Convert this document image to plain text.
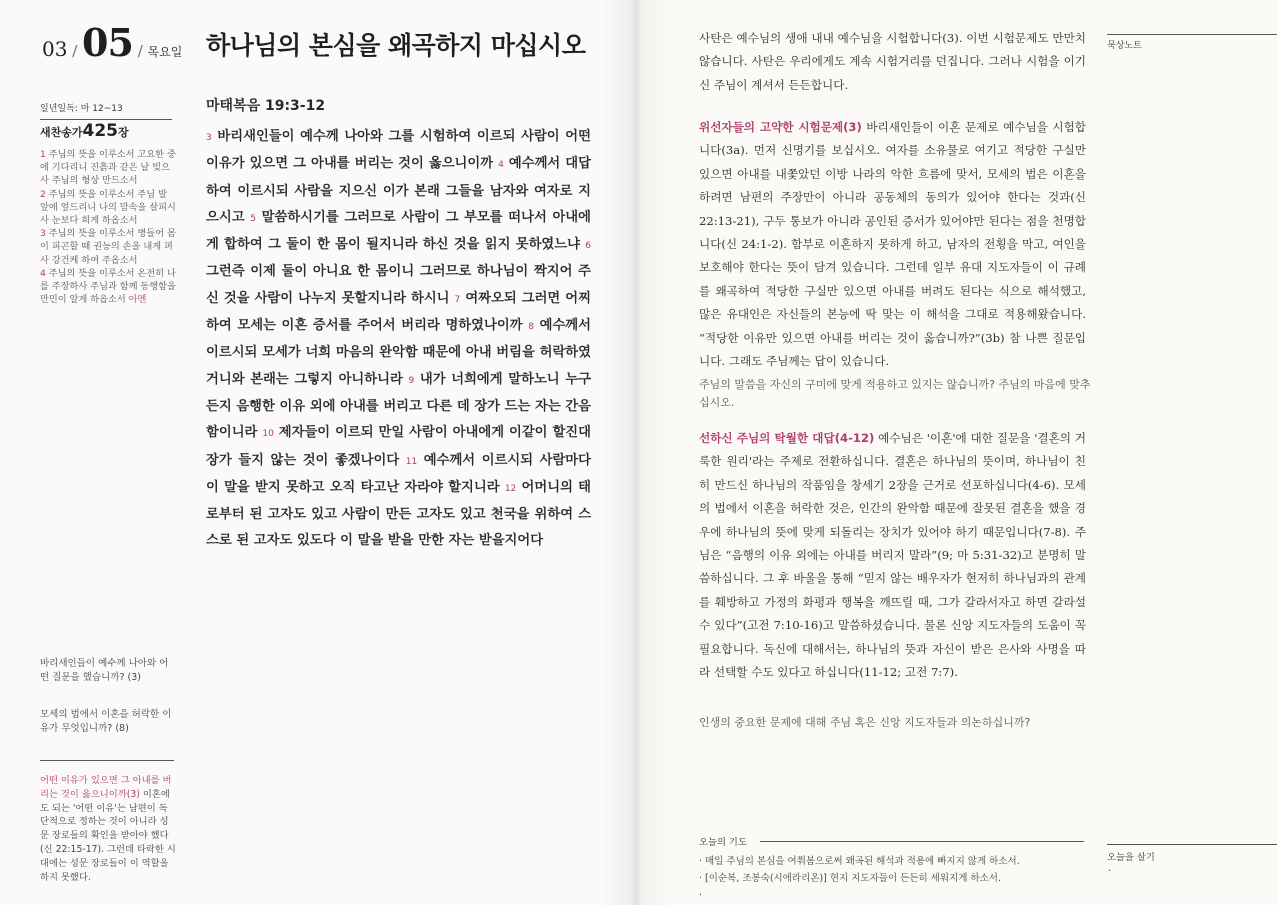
03 / 05 / 목요일
일년일독: 마 12~13
새찬송가425장
1 주님의 뜻을 이루소서 고요한 중에 기다리니 진흙과 같은 날 빚으사 주님의 형상 만드소서
2 주님의 뜻을 이루소서 주님 발 앞에 엎드리니 나의 맘속을 살피시사 눈보다 희게 하옵소서
3 주님의 뜻을 이루소서 병들어 몸이 피곤할 때 권능의 손을 내게 펴 사 강건케 하여 주옵소서
4 주님의 뜻을 이루소서 온전히 나를 주장하사 주님과 함께 동행함을 만민이 알게 하옵소서 아멘
바리새인들이 예수께 나아와 어떤 질문을 했습니까? (3)
모세의 법에서 이혼을 허락한 이유가 무엇입니까? (8)
어떤 이유가 있으면 그 아내를 버리는 것이 옳으니이까(3) 이혼에도 되는 '어떤 이유'는 남편이 독단적으로 정하는 것이 아니라 성문 장로들의 확인을 받아야 했다(신 22:15-17). 그런데 타락한 시대에는 성문 장로들이 이 역할을 하지 못했다.
하나님의 본심을 왜곡하지 마십시오
마태복음 19:3-12
3 바리새인들이 예수께 나아와 그를 시험하여 이르되 사람이 어떤 이유가 있으면 그 아내를 버리는 것이 옳으니이까 4 예수께서 대답하여 이르시되 사람을 지으신 이가 본래 그들을 남자와 여자로 지으시고 5 말씀하시기를 그러므로 사람이 그 부모를 떠나서 아내에게 합하여 그 둘이 한 몸이 될지니라 하신 것을 읽지 못하였느냐 6 그런즉 이제 둘이 아니요 한 몸이니 그러므로 하나님이 짝지어 주신 것을 사람이 나누지 못할지니라 하시니 7 여짜오되 그러면 어찌하여 모세는 이혼 증서를 주어서 버리라 명하였나이까 8 예수께서 이르시되 모세가 너희 마음의 완악함 때문에 아내 버림을 허락하였거니와 본래는 그렇지 아니하니라 9 내가 너희에게 말하노니 누구든지 음행한 이유 외에 아내를 버리고 다른 데 장가 드는 자는 간음함이니라 10 제자들이 이르되 만일 사람이 아내에게 이같이 할진대 장가 들지 않는 것이 좋겠나이다 11 예수께서 이르시되 사람마다 이 말을 받지 못하고 오직 타고난 자라야 할지니라 12 어머니의 태로부터 된 고자도 있고 사람이 만든 고자도 있고 천국을 위하여 스스로 된 고자도 있도다 이 말을 받을 만한 자는 받을지어다
사탄은 예수님의 생애 내내 예수님을 시험합니다(3). 이번 시험문제도 만만치 않습니다. 사탄은 우리에게도 계속 시험거리를 던집니다. 그러나 시험을 이기신 주님이 계셔서 든든합니다.
위선자들의 고약한 시험문제(3) 바리새인들이 이혼 문제로 예수님을 시험합니다(3a). 먼저 신명기를 보십시오. 여자를 소유물로 여기고 적당한 구실만 있으면 아내를 내쫓았던 이방 나라의 악한 흐름에 맞서, 모세의 법은 이혼을 하려면 남편의 주장만이 아니라 공동체의 동의가 있어야 한다는 것과(신 22:13-21), 구두 통보가 아니라 공인된 증서가 있어야만 된다는 점을 천명합니다(신 24:1-2). 함부로 이혼하지 못하게 하고, 남자의 전횡을 막고, 여인을 보호해야 한다는 뜻이 담겨 있습니다. 그런데 일부 유대 지도자들이 이 규례를 왜곡하여 적당한 구실만 있으면 아내를 버려도 된다는 식으로 해석했고, 많은 유대인은 자신들의 본능에 딱 맞는 이 해석을 그대로 적용해왔습니다. “적당한 이유만 있으면 아내를 버리는 것이 옳습니까?”(3b) 참 나쁜 질문입니다. 그래도 주님께는 답이 있습니다.
주님의 말씀을 자신의 구미에 맞게 적용하고 있지는 않습니까? 주님의 마음에 맞추십시오.
선하신 주님의 탁월한 대답(4-12) 예수님은 '이혼'에 대한 질문을 '결혼의 거룩한 원리'라는 주제로 전환하십니다. 결혼은 하나님의 뜻이며, 하나님이 친히 만드신 하나님의 작품임을 창세기 2장을 근거로 선포하십니다(4-6). 모세의 법에서 이혼을 허락한 것은, 인간의 완악함 때문에 잘못된 결혼을 했을 경우에 하나님의 뜻에 맞게 되돌리는 장치가 있어야 하기 때문입니다(7-8). 주님은 “음행의 이유 외에는 아내를 버리지 말라”(9; 마 5:31-32)고 분명히 말씀하십니다. 그 후 바울을 통해 “믿지 않는 배우자가 현저히 하나님과의 관계를 훼방하고 가정의 화평과 행복을 깨뜨릴 때, 그가 갈라서자고 하면 갈라설 수 있다”(고전 7:10-16)고 말씀하셨습니다. 물론 신앙 지도자들의 도움이 꼭 필요합니다. 독신에 대해서는, 하나님의 뜻과 자신이 받은 은사와 사명을 따라 선택할 수도 있다고 하십니다(11-12; 고전 7:7).
인생의 중요한 문제에 대해 주님 혹은 신앙 지도자들과 의논하십니까?
묵상노트
오늘의 기도
· 매일 주님의 본심을 여쭤봄으로써 왜곡된 해석과 적용에 빠지지 않게 하소서.
· [이순복, 조봉숙(시에라리온)] 현지 지도자들이 든든히 세워지게 하소서.
·
오늘을 살기
·
